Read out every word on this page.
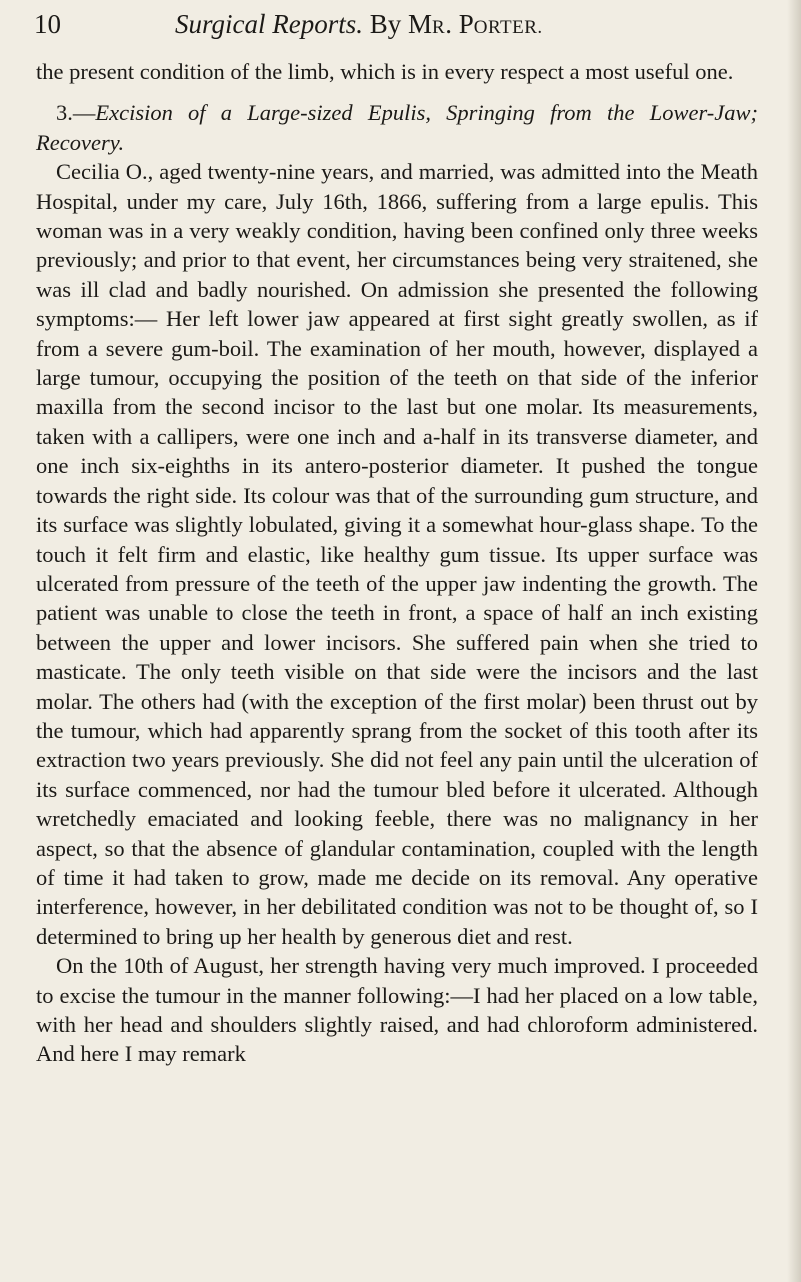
10	Surgical Reports. By MR. PORTER.

the present condition of the limb, which is in every respect a most useful one.

3.—Excision of a Large-sized Epulis, Springing from the Lower-Jaw; Recovery.

Cecilia O., aged twenty-nine years, and married, was admitted into the Meath Hospital, under my care, July 16th, 1866, suffering from a large epulis. This woman was in a very weakly condition, having been confined only three weeks previously; and prior to that event, her circumstances being very straitened, she was ill clad and badly nourished. On admission she presented the following symptoms:— Her left lower jaw appeared at first sight greatly swollen, as if from a severe gum-boil. The examination of her mouth, however, displayed a large tumour, occupying the position of the teeth on that side of the inferior maxilla from the second incisor to the last but one molar. Its measurements, taken with a callipers, were one inch and a-half in its transverse diameter, and one inch six-eighths in its antero-posterior diameter. It pushed the tongue towards the right side. Its colour was that of the surrounding gum structure, and its surface was slightly lobulated, giving it a somewhat hour-glass shape. To the touch it felt firm and elastic, like healthy gum tissue. Its upper surface was ulcerated from pressure of the teeth of the upper jaw indenting the growth. The patient was unable to close the teeth in front, a space of half an inch existing between the upper and lower incisors. She suffered pain when she tried to masticate. The only teeth visible on that side were the incisors and the last molar. The others had (with the exception of the first molar) been thrust out by the tumour, which had apparently sprang from the socket of this tooth after its extraction two years previously. She did not feel any pain until the ulceration of its surface commenced, nor had the tumour bled before it ulcerated. Although wretchedly emaciated and looking feeble, there was no malignancy in her aspect, so that the absence of glandular contamination, coupled with the length of time it had taken to grow, made me decide on its removal. Any operative interference, however, in her debilitated condition was not to be thought of, so I determined to bring up her health by generous diet and rest.

On the 10th of August, her strength having very much improved. I proceeded to excise the tumour in the manner following:—I had her placed on a low table, with her head and shoulders slightly raised, and had chloroform administered. And here I may remark
